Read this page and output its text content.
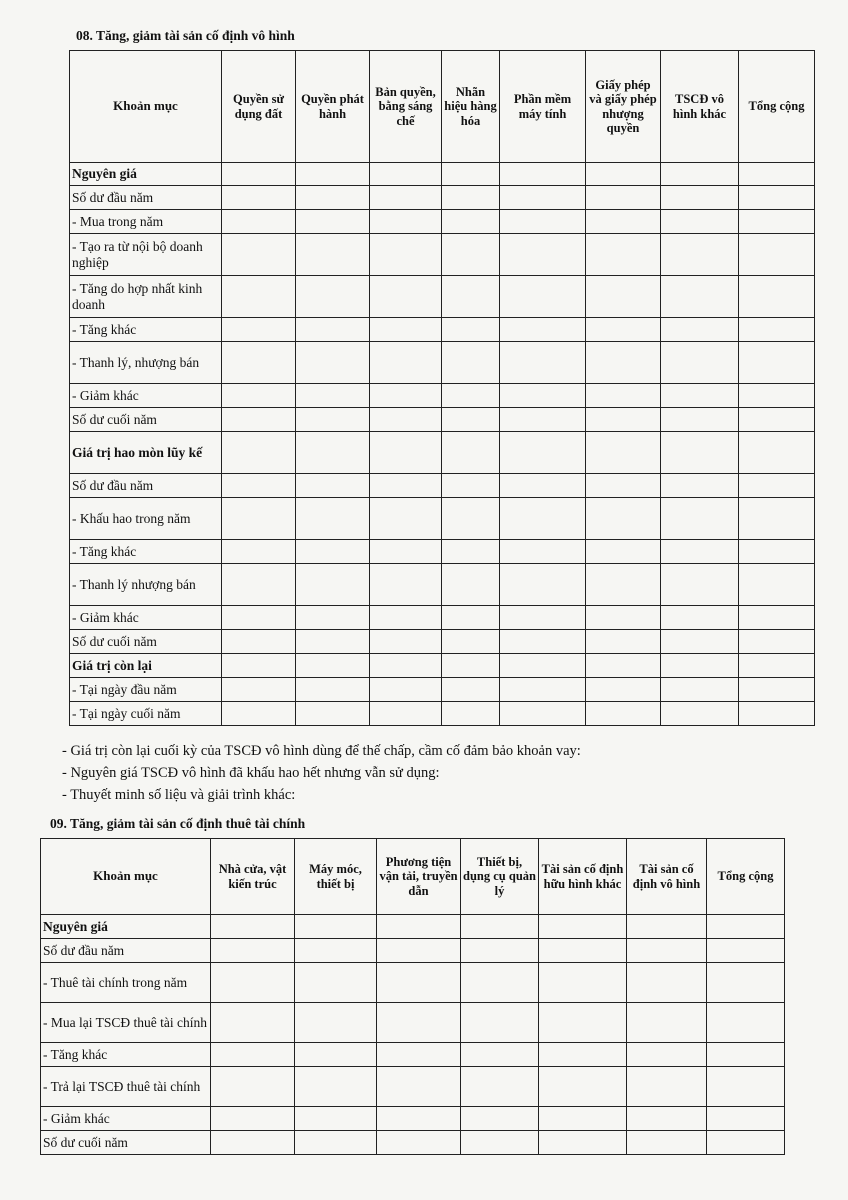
08. Tăng, giảm tài sản cố định vô hình
Khoản mục	Quyền sử dụng đất	Quyền phát hành	Bản quyền, bằng sáng chế	Nhãn hiệu hàng hóa	Phần mềm máy tính	Giấy phép và giấy phép nhượng quyền	TSCĐ vô hình khác	Tổng cộng
Nguyên giá								
Số dư đầu năm								
- Mua trong năm								
- Tạo ra từ nội bộ doanh nghiệp								
- Tăng do hợp nhất kinh doanh								
- Tăng khác								
- Thanh lý, nhượng bán								
- Giảm khác								
Số dư cuối năm								
Giá trị hao mòn lũy kế								
Số dư đầu năm								
- Khấu hao trong năm								
- Tăng khác								
- Thanh lý nhượng bán								
- Giảm khác								
Số dư cuối năm								
Giá trị còn lại								
- Tại ngày đầu năm								
- Tại ngày cuối năm								
- Giá trị còn lại cuối kỳ của TSCĐ vô hình dùng để thế chấp, cầm cố đảm bảo khoản vay:
- Nguyên giá TSCĐ vô hình đã khấu hao hết nhưng vẫn sử dụng:
- Thuyết minh số liệu và giải trình khác:
09. Tăng, giảm tài sản cố định thuê tài chính
Khoản mục	Nhà cửa, vật kiến trúc	Máy móc, thiết bị	Phương tiện vận tải, truyền dẫn	Thiết bị, dụng cụ quản lý	Tài sản cố định hữu hình khác	Tài sản cố định vô hình	Tổng cộng
Nguyên giá							
Số dư đầu năm							
- Thuê tài chính trong năm							
- Mua lại TSCĐ thuê tài chính							
- Tăng khác							
- Trả lại TSCĐ thuê tài chính							
- Giảm khác							
Số dư cuối năm							
